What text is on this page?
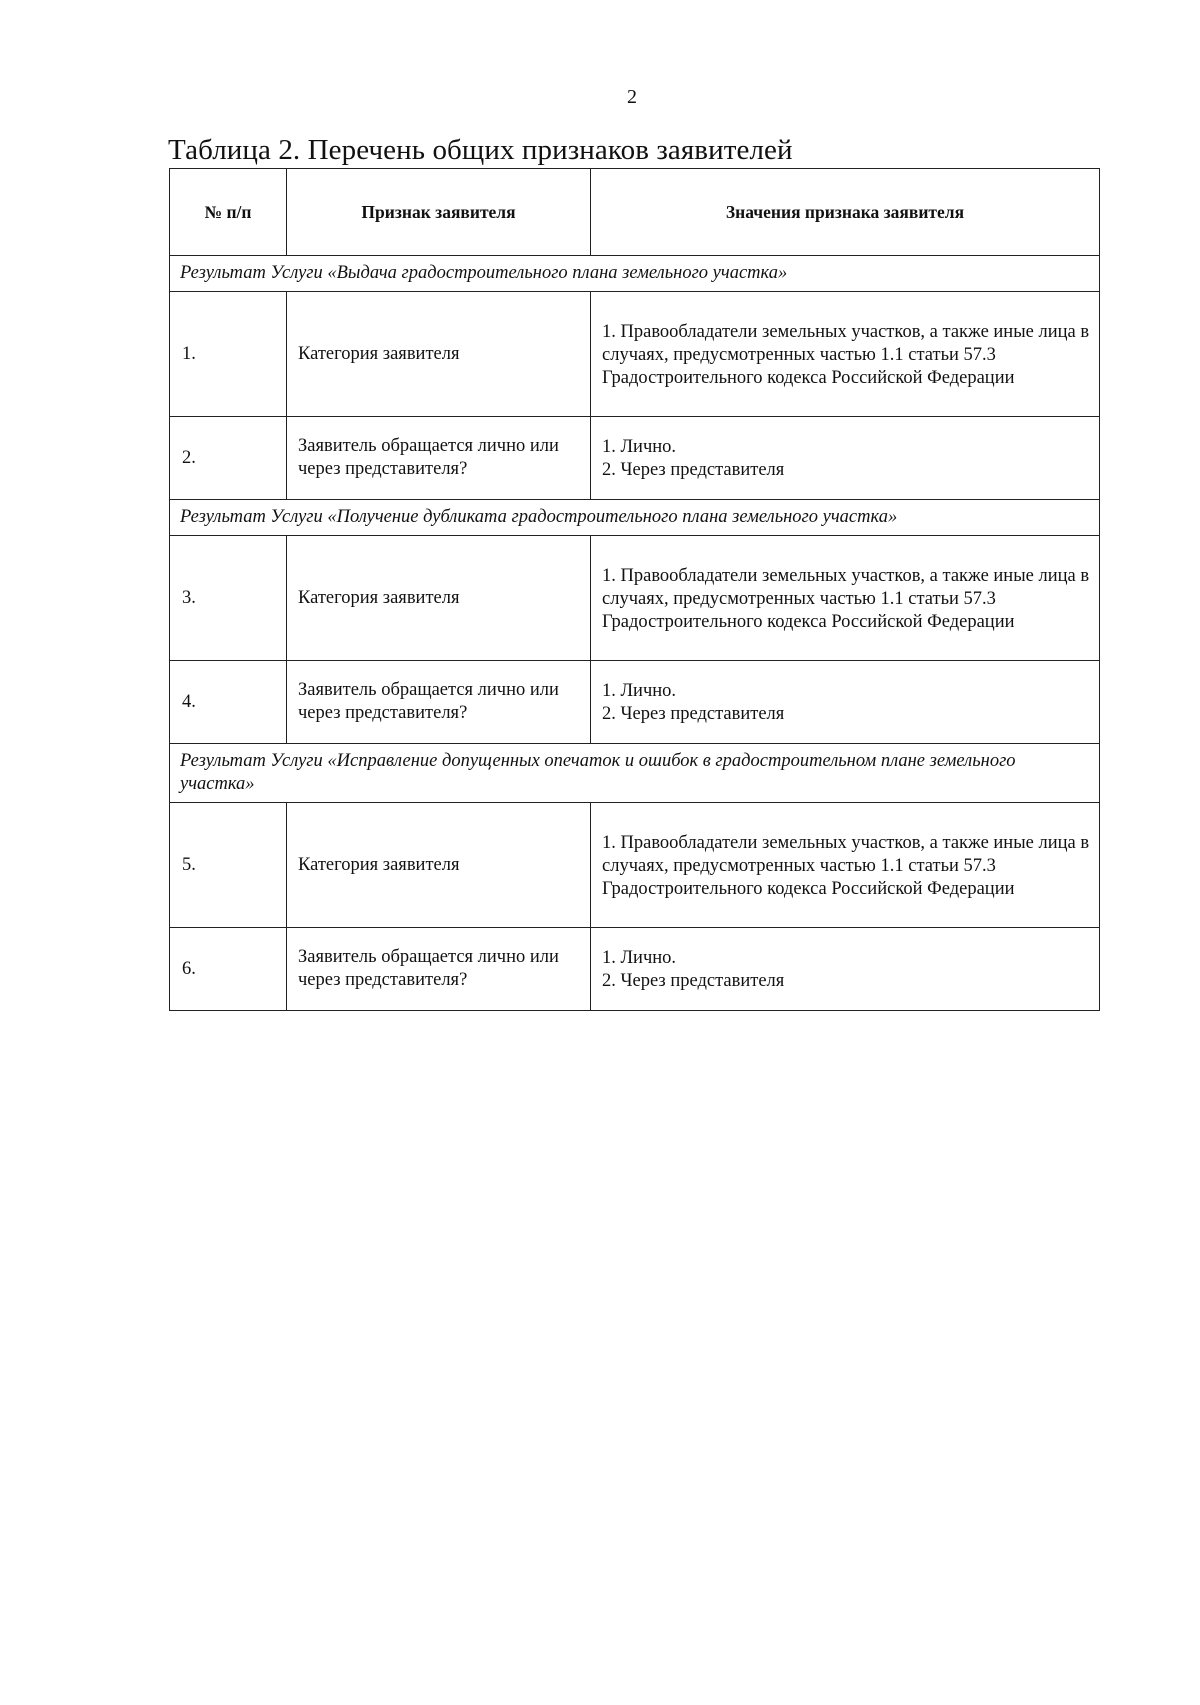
2
Таблица 2. Перечень общих признаков заявителей
№ п/п	Признак заявителя	Значения признака заявителя
Результат Услуги «Выдача градостроительного плана земельного участка»		
1.	Категория заявителя	1. Правообладатели земельных участков, а также иные лица в случаях, предусмотренных частью 1.1 статьи 57.3 Градостроительного кодекса Российской Федерации

2.	Заявитель обращается лично или через представителя?	1. Лично.
2. Через представителя

Результат Услуги «Получение дубликата градостроительного плана земельного участка»		
3.	Категория заявителя	1. Правообладатели земельных участков, а также иные лица в случаях, предусмотренных частью 1.1 статьи 57.3 Градостроительного кодекса Российской Федерации

4.	Заявитель обращается лично или через представителя?	1. Лично.
2. Через представителя

Результат Услуги «Исправление допущенных опечаток и ошибок в градостроительном плане земельного участка»		
5.	Категория заявителя	1. Правообладатели земельных участков, а также иные лица в случаях, предусмотренных частью 1.1 статьи 57.3 Градостроительного кодекса Российской Федерации

6.	Заявитель обращается лично или через представителя?	1. Лично.
2. Через представителя
